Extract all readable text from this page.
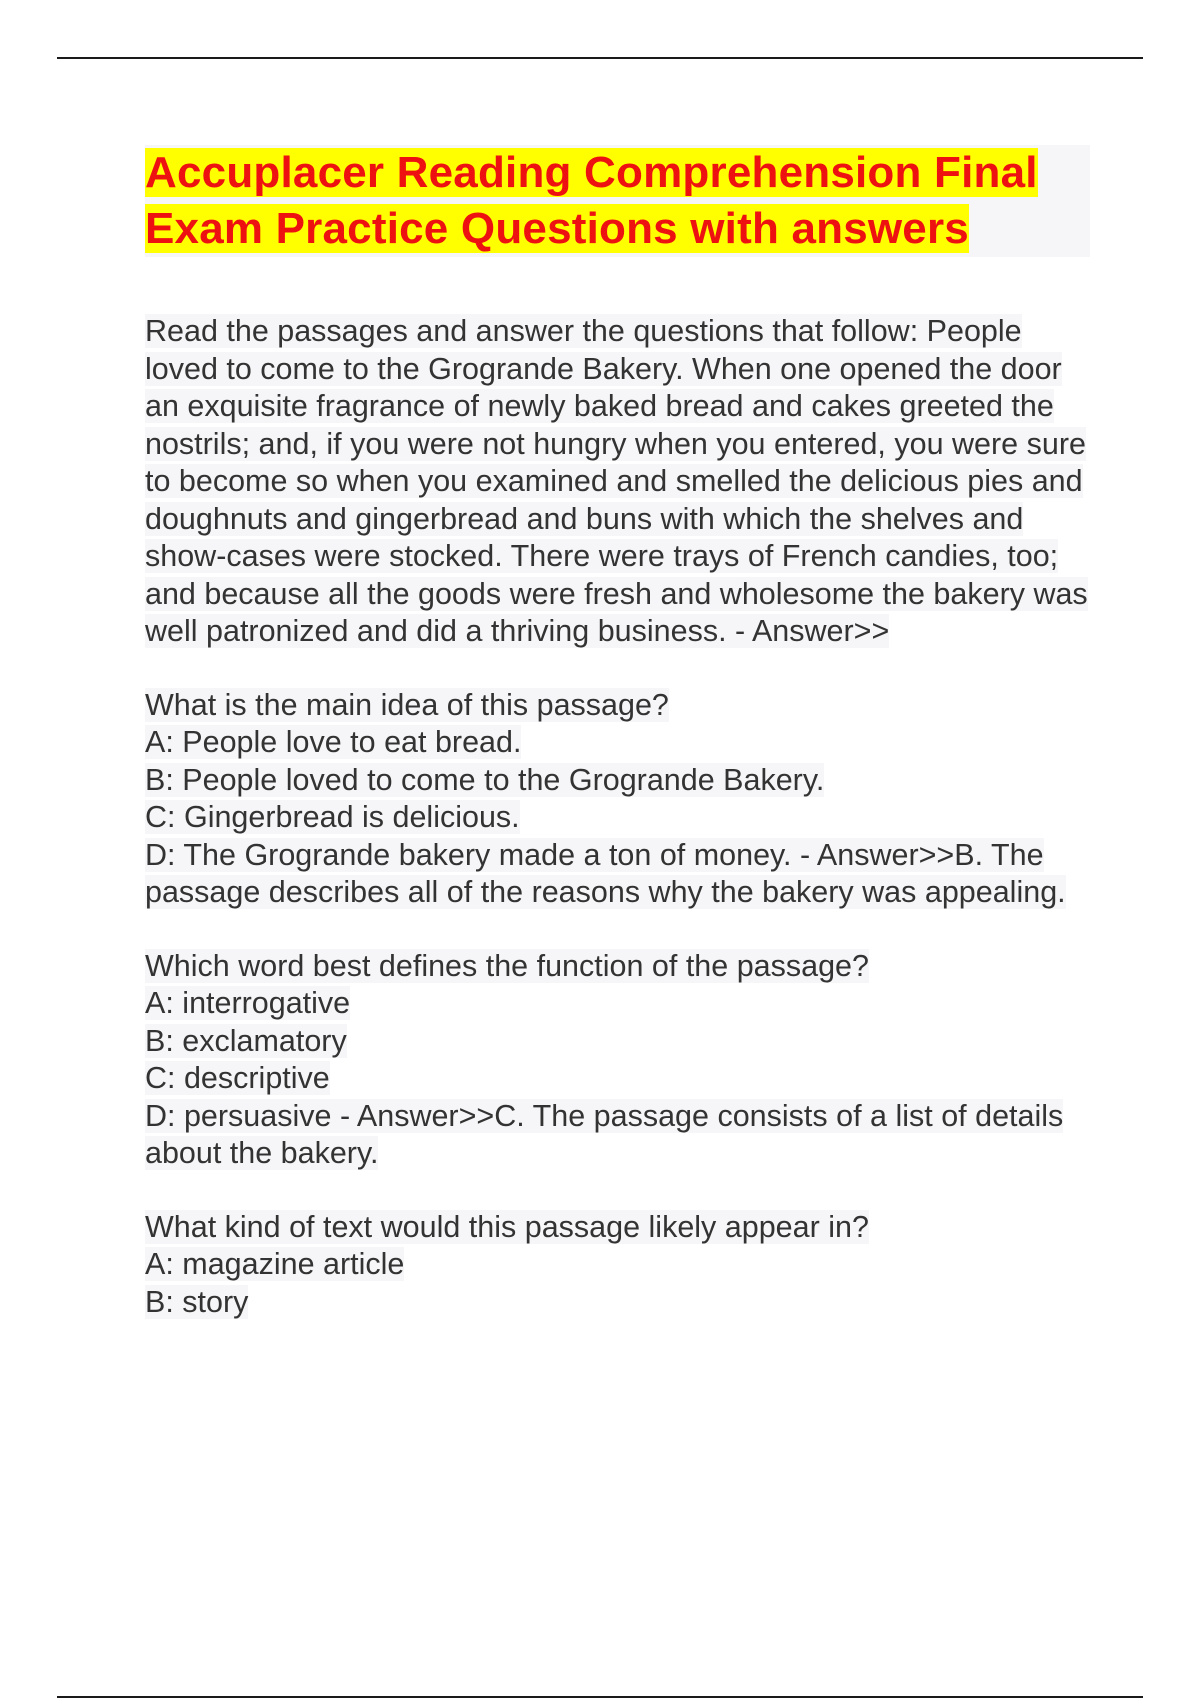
Accuplacer Reading Comprehension Final Exam Practice Questions with answers

Read the passages and answer the questions that follow: People loved to come to the Grogrande Bakery. When one opened the door an exquisite fragrance of newly baked bread and cakes greeted the nostrils; and, if you were not hungry when you entered, you were sure to become so when you examined and smelled the delicious pies and doughnuts and gingerbread and buns with which the shelves and show-cases were stocked. There were trays of French candies, too; and because all the goods were fresh and wholesome the bakery was well patronized and did a thriving business. - Answer>>

What is the main idea of this passage?
A: People love to eat bread.
B: People loved to come to the Grogrande Bakery.
C: Gingerbread is delicious.
D: The Grogrande bakery made a ton of money. - Answer>>B. The passage describes all of the reasons why the bakery was appealing.

Which word best defines the function of the passage?
A: interrogative
B: exclamatory
C: descriptive
D: persuasive - Answer>>C. The passage consists of a list of details about the bakery.

What kind of text would this passage likely appear in?
A: magazine article
B: story
